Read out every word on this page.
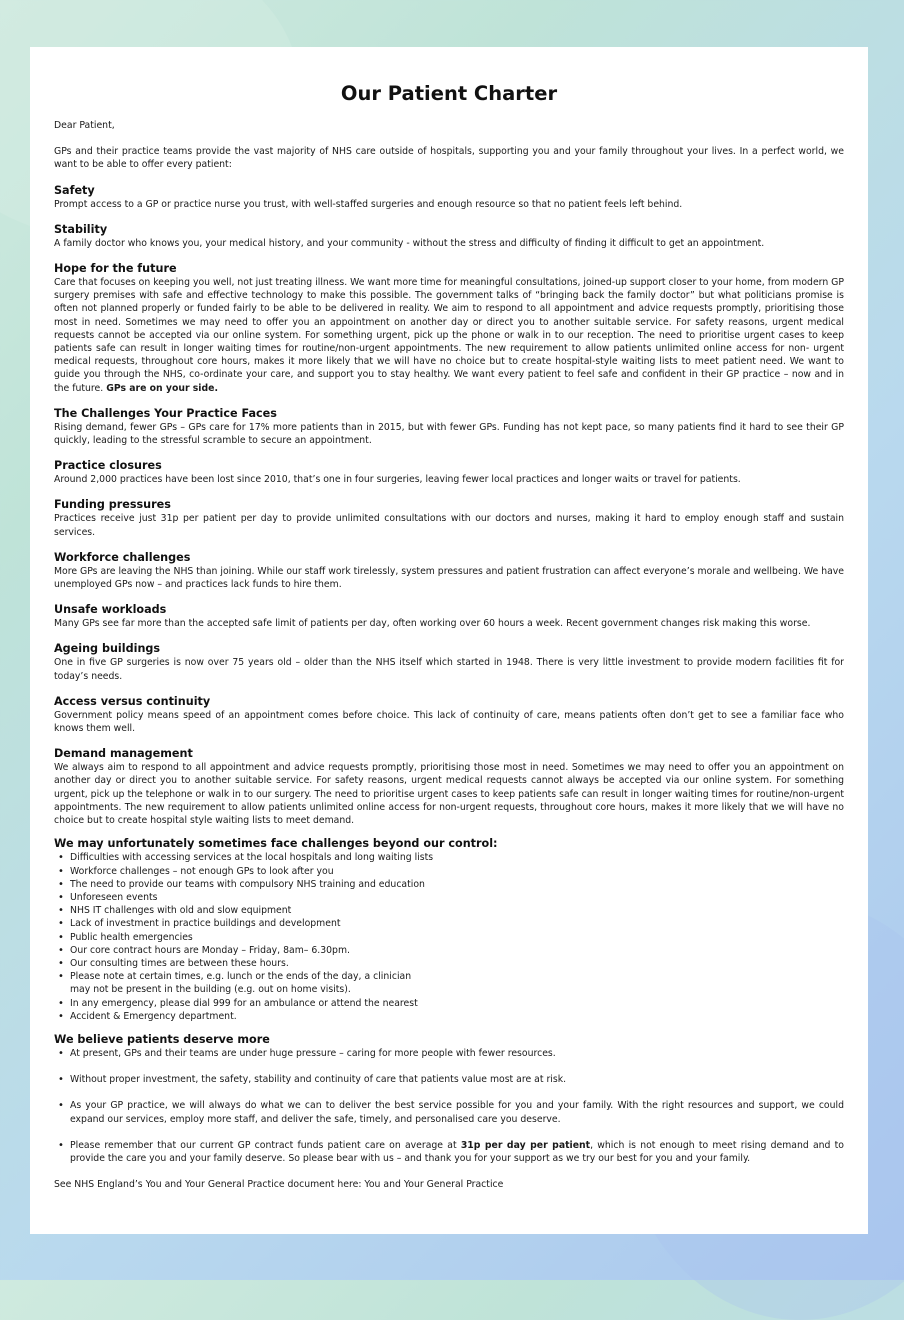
Our Patient Charter

Dear Patient,

GPs and their practice teams provide the vast majority of NHS care outside of hospitals, supporting you and your family throughout your lives. In a perfect world, we want to be able to offer every patient:

Safety

Prompt access to a GP or practice nurse you trust, with well-staffed surgeries and enough resource so that no patient feels left behind.

Stability

A family doctor who knows you, your medical history, and your community - without the stress and difficulty of finding it difficult to get an appointment.

Hope for the future

Care that focuses on keeping you well, not just treating illness. We want more time for meaningful consultations, joined-up support closer to your home, from modern GP surgery premises with safe and effective technology to make this possible. The government talks of “bringing back the family doctor” but what politicians promise is often not planned properly or funded fairly to be able to be delivered in reality. We aim to respond to all appointment and advice requests promptly, prioritising those most in need. Sometimes we may need to offer you an appointment on another day or direct you to another suitable service. For safety reasons, urgent medical requests cannot be accepted via our online system. For something urgent, pick up the phone or walk in to our reception. The need to prioritise urgent cases to keep patients safe can result in longer waiting times for routine/non-urgent appointments. The new requirement to allow patients unlimited online access for non- urgent medical requests, throughout core hours, makes it more likely that we will have no choice but to create hospital-style waiting lists to meet patient need. We want to guide you through the NHS, co-ordinate your care, and support you to stay healthy. We want every patient to feel safe and confident in their GP practice – now and in the future. GPs are on your side.

The Challenges Your Practice Faces

Rising demand, fewer GPs – GPs care for 17% more patients than in 2015, but with fewer GPs. Funding has not kept pace, so many patients find it hard to see their GP quickly, leading to the stressful scramble to secure an appointment.

Practice closures

Around 2,000 practices have been lost since 2010, that’s one in four surgeries, leaving fewer local practices and longer waits or travel for patients.

Funding pressures

Practices receive just 31p per patient per day to provide unlimited consultations with our doctors and nurses, making it hard to employ enough staff and sustain services.

Workforce challenges

More GPs are leaving the NHS than joining. While our staff work tirelessly, system pressures and patient frustration can affect everyone’s morale and wellbeing. We have unemployed GPs now – and practices lack funds to hire them.

Unsafe workloads

Many GPs see far more than the accepted safe limit of patients per day, often working over 60 hours a week. Recent government changes risk making this worse.

Ageing buildings

One in five GP surgeries is now over 75 years old – older than the NHS itself which started in 1948. There is very little investment to provide modern facilities fit for today’s needs.

Access versus continuity

Government policy means speed of an appointment comes before choice. This lack of continuity of care, means patients often don’t get to see a familiar face who knows them well.

Demand management

We always aim to respond to all appointment and advice requests promptly, prioritising those most in need. Sometimes we may need to offer you an appointment on another day or direct you to another suitable service. For safety reasons, urgent medical requests cannot always be accepted via our online system. For something urgent, pick up the telephone or walk in to our surgery. The need to prioritise urgent cases to keep patients safe can result in longer waiting times for routine/non-urgent appointments. The new requirement to allow patients unlimited online access for non-urgent requests, throughout core hours, makes it more likely that we will have no choice but to create hospital style waiting lists to meet demand.

We may unfortunately sometimes face challenges beyond our control:
• Difficulties with accessing services at the local hospitals and long waiting lists
• Workforce challenges – not enough GPs to look after you
• The need to provide our teams with compulsory NHS training and education
• Unforeseen events
• NHS IT challenges with old and slow equipment
• Lack of investment in practice buildings and development
• Public health emergencies
• Our core contract hours are Monday – Friday, 8am– 6.30pm.
• Our consulting times are between these hours.
• Please note at certain times, e.g. lunch or the ends of the day, a clinician
may not be present in the building (e.g. out on home visits).
• In any emergency, please dial 999 for an ambulance or attend the nearest
• Accident & Emergency department.
We believe patients deserve more
• At present, GPs and their teams are under huge pressure – caring for more people with fewer resources.
• Without proper investment, the safety, stability and continuity of care that patients value most are at risk.
• As your GP practice, we will always do what we can to deliver the best service possible for you and your family. With the right resources and support, we could expand our services, employ more staff, and deliver the safe, timely, and personalised care you deserve.
• Please remember that our current GP contract funds patient care on average at 31p per day per patient, which is not enough to meet rising demand and to provide the care you and your family deserve. So please bear with us – and thank you for your support as we try our best for you and your family.

See NHS England’s You and Your General Practice document here: You and Your General Practice
